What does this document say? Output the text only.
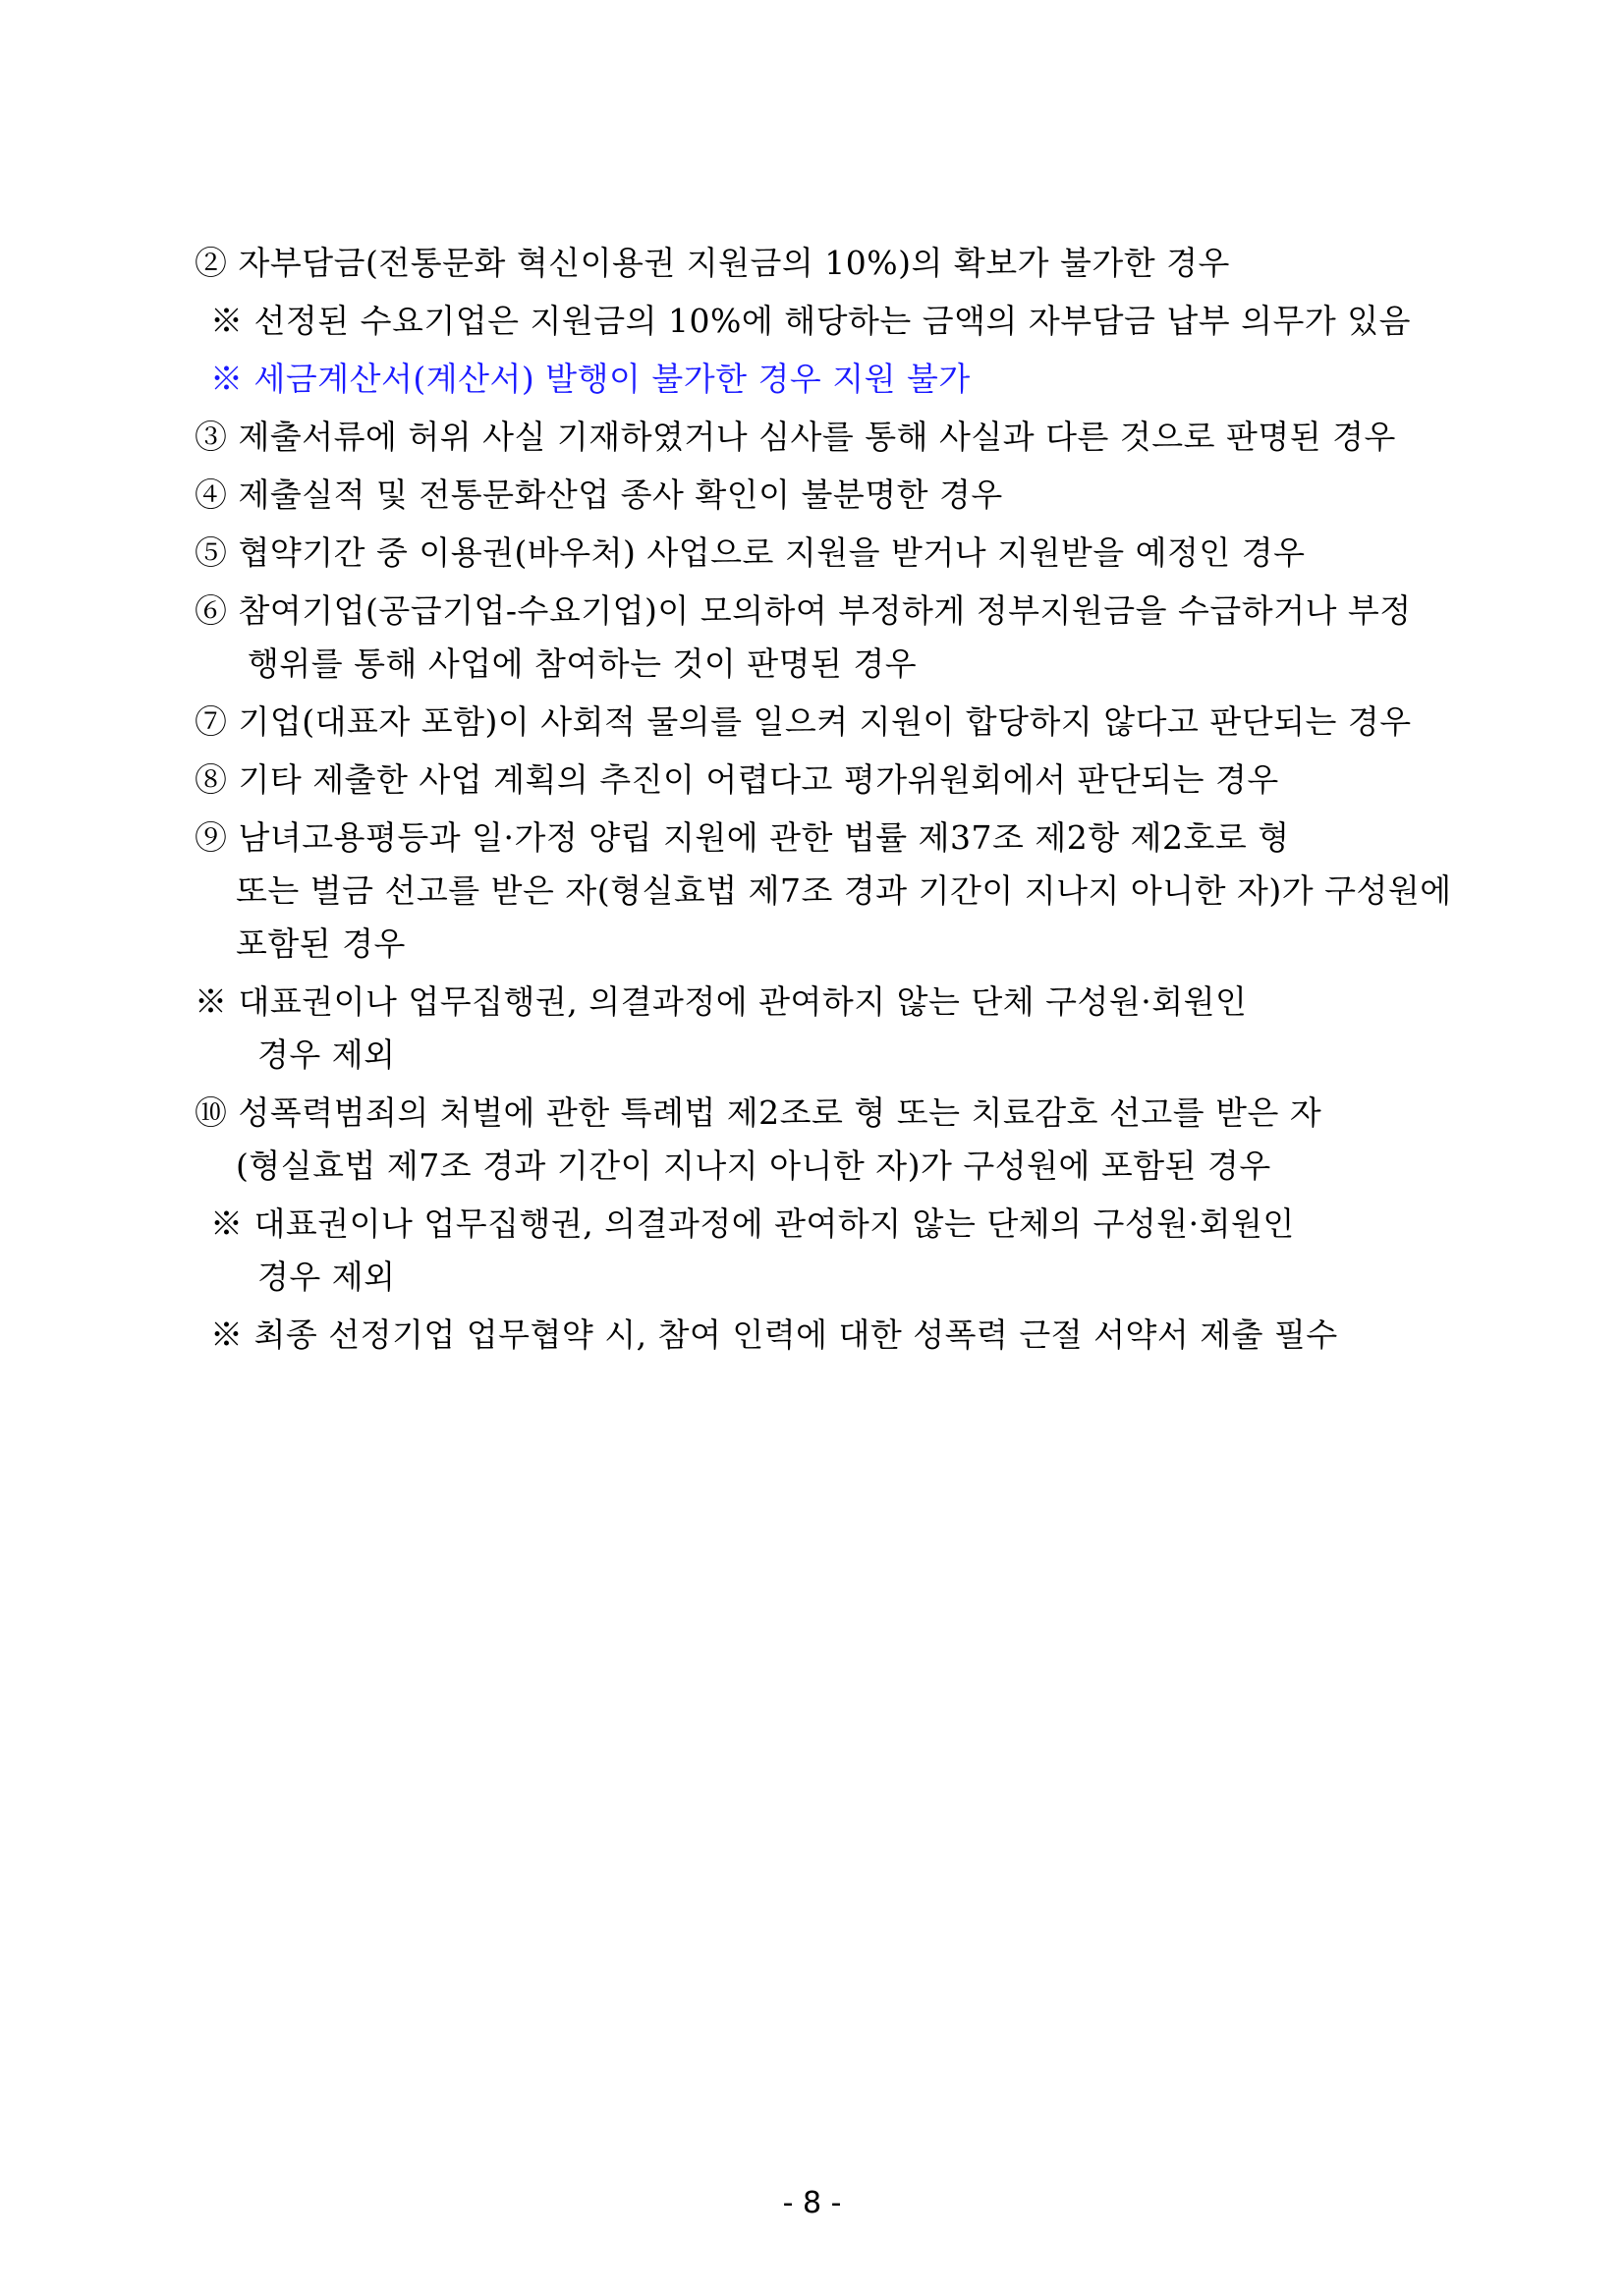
② 자부담금(전통문화 혁신이용권 지원금의 10%)의 확보가 불가한 경우
※ 선정된 수요기업은 지원금의 10%에 해당하는 금액의 자부담금 납부 의무가 있음
※ 세금계산서(계산서) 발행이 불가한 경우 지원 불가
③ 제출서류에 허위 사실 기재하였거나 심사를 통해 사실과 다른 것으로 판명된 경우
④ 제출실적 및 전통문화산업 종사 확인이 불분명한 경우
⑤ 협약기간 중 이용권(바우처) 사업으로 지원을 받거나 지원받을 예정인 경우
⑥ 참여기업(공급기업-수요기업)이 모의하여 부정하게 정부지원금을 수급하거나 부정
행위를 통해 사업에 참여하는 것이 판명된 경우
⑦ 기업(대표자 포함)이 사회적 물의를 일으켜 지원이 합당하지 않다고 판단되는 경우
⑧ 기타 제출한 사업 계획의 추진이 어렵다고 평가위원회에서 판단되는 경우
⑨ 남녀고용평등과 일·가정 양립 지원에 관한 법률 제37조 제2항 제2호로 형
또는 벌금 선고를 받은 자(형실효법 제7조 경과 기간이 지나지 아니한 자)가 구성원에
포함된 경우
※ 대표권이나 업무집행권, 의결과정에 관여하지 않는 단체 구성원·회원인
경우 제외
⑩ 성폭력범죄의 처벌에 관한 특례법 제2조로 형 또는 치료감호 선고를 받은 자
(형실효법 제7조 경과 기간이 지나지 아니한 자)가 구성원에 포함된 경우
※ 대표권이나 업무집행권, 의결과정에 관여하지 않는 단체의 구성원·회원인
경우 제외
※ 최종 선정기업 업무협약 시, 참여 인력에 대한 성폭력 근절 서약서 제출 필수
- 8 -
